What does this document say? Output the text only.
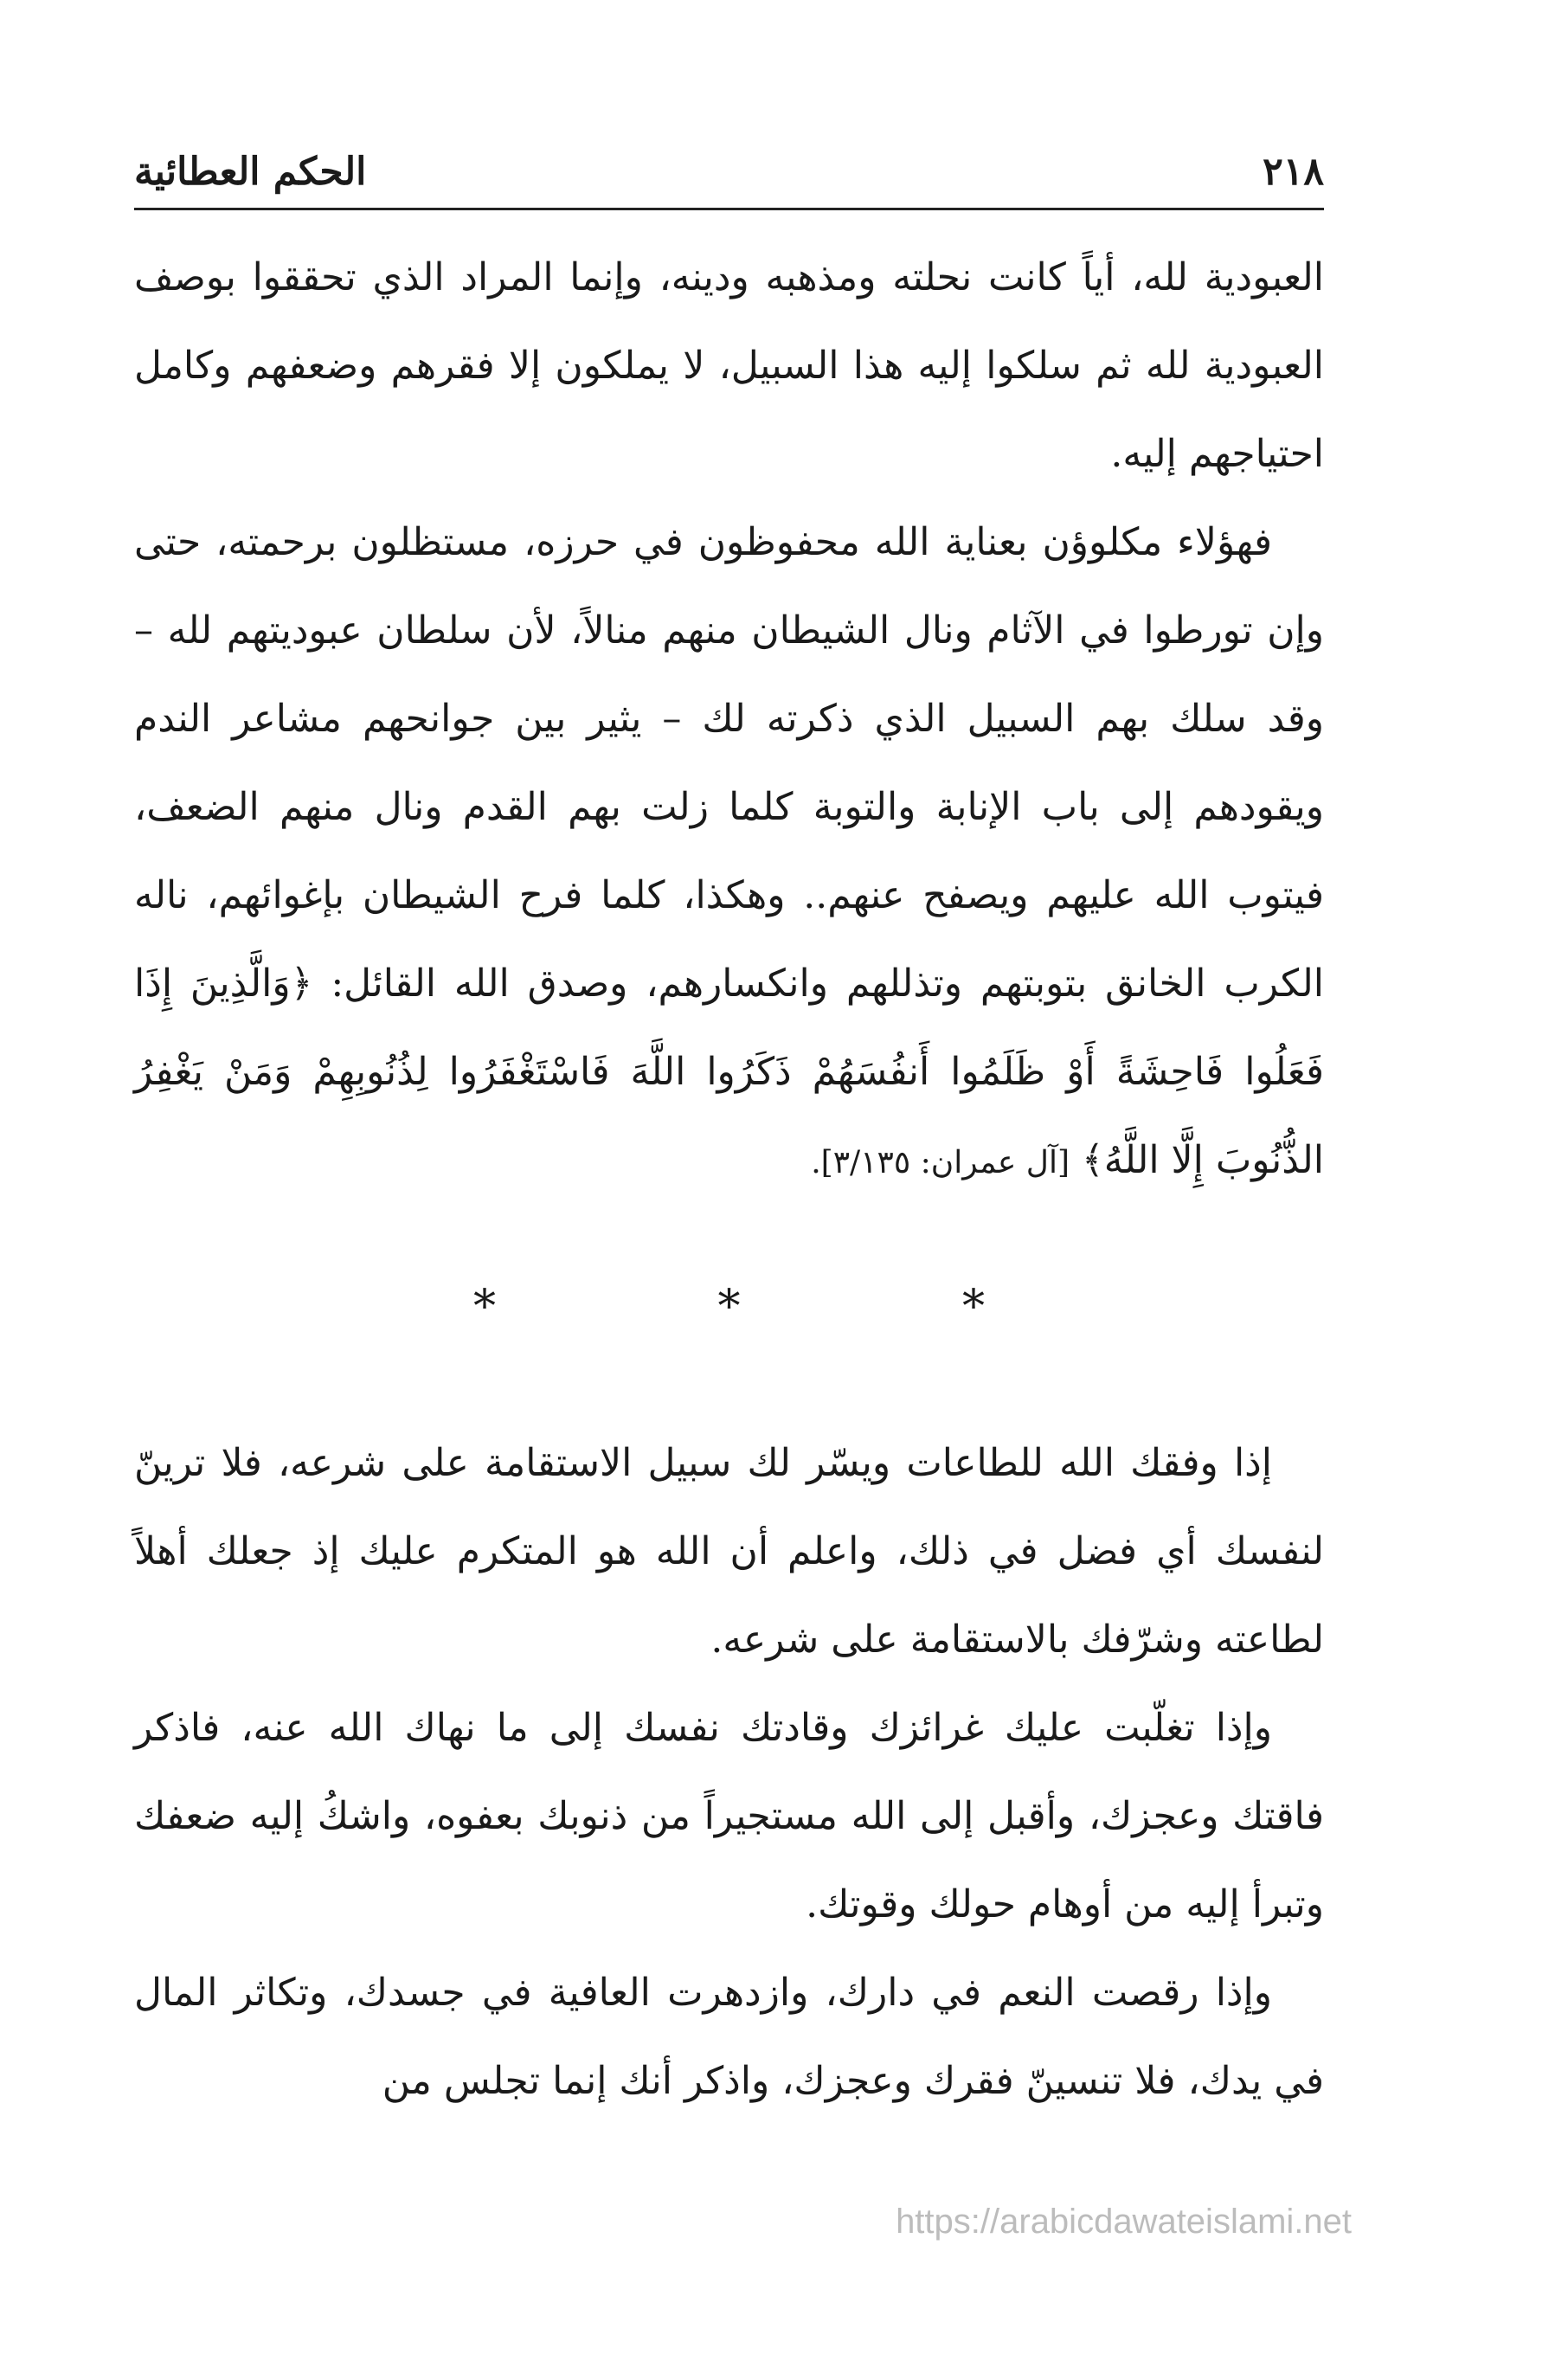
٢١٨
الحكم العطائية

العبودية لله، أياً كانت نحلته ومذهبه ودينه، وإنما المراد الذي تحققوا بوصف العبودية لله ثم سلكوا إليه هذا السبيل، لا يملكون إلا فقرهم وضعفهم وكامل احتياجهم إليه.

فهؤلاء مكلوؤن بعناية الله محفوظون في حرزه، مستظلون برحمته، حتى وإن تورطوا في الآثام ونال الشيطان منهم منالاً، لأن سلطان عبوديتهم لله – وقد سلك بهم السبيل الذي ذكرته لك – يثير بين جوانحهم مشاعر الندم ويقودهم إلى باب الإنابة والتوبة كلما زلت بهم القدم ونال منهم الضعف، فيتوب الله عليهم ويصفح عنهم.. وهكذا، كلما فرح الشيطان بإغوائهم، ناله الكرب الخانق بتوبتهم وتذللهم وانكسارهم، وصدق الله القائل: ﴿وَالَّذِينَ إِذَا فَعَلُوا فَاحِشَةً أَوْ ظَلَمُوا أَنفُسَهُمْ ذَكَرُوا اللَّهَ فَاسْتَغْفَرُوا لِذُنُوبِهِمْ وَمَنْ يَغْفِرُ الذُّنُوبَ إِلَّا اللَّهُ﴾ [آل عمران: ٣/١٣٥].

* * *

إذا وفقك الله للطاعات ويسّر لك سبيل الاستقامة على شرعه، فلا ترينّ لنفسك أي فضل في ذلك، واعلم أن الله هو المتكرم عليك إذ جعلك أهلاً لطاعته وشرّفك بالاستقامة على شرعه.

وإذا تغلّبت عليك غرائزك وقادتك نفسك إلى ما نهاك الله عنه، فاذكر فاقتك وعجزك، وأقبل إلى الله مستجيراً من ذنوبك بعفوه، واشكُ إليه ضعفك وتبرأ إليه من أوهام حولك وقوتك.

وإذا رقصت النعم في دارك، وازدهرت العافية في جسدك، وتكاثر المال في يدك، فلا تنسينّ فقرك وعجزك، واذكر أنك إنما تجلس من

https://arabicdawateislami.net
